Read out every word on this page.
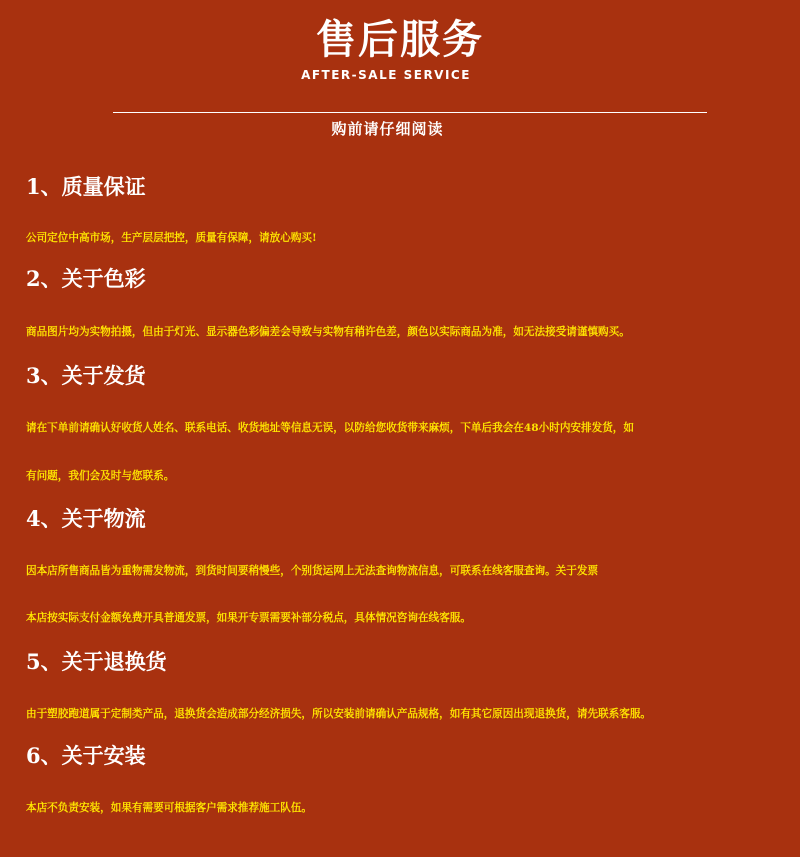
售后服务
AFTER-SALE SERVICE
购前请仔细阅读
1、质量保证
公司定位中高市场，生产层层把控，质量有保障，请放心购买!
2、关于色彩
商品图片均为实物拍摄，但由于灯光、显示器色彩偏差会导致与实物有稍许色差，颜色以实际商品为准，如无法接受请谨慎购买。
3、关于发货
请在下单前请确认好收货人姓名、联系电话、收货地址等信息无误，以防给您收货带来麻烦，下单后我会在48小时内安排发货，如
有问题，我们会及时与您联系。
4、关于物流
因本店所售商品皆为重物需发物流，到货时间要稍慢些，个别货运网上无法查询物流信息，可联系在线客服查询。关于发票
本店按实际支付金额免费开具普通发票，如果开专票需要补部分税点，具体情况咨询在线客服。
5、关于退换货
由于塑胶跑道属于定制类产品，退换货会造成部分经济损失，所以安装前请确认产品规格，如有其它原因出现退换货，请先联系客服。
6、关于安装
本店不负责安装，如果有需要可根据客户需求推荐施工队伍。
